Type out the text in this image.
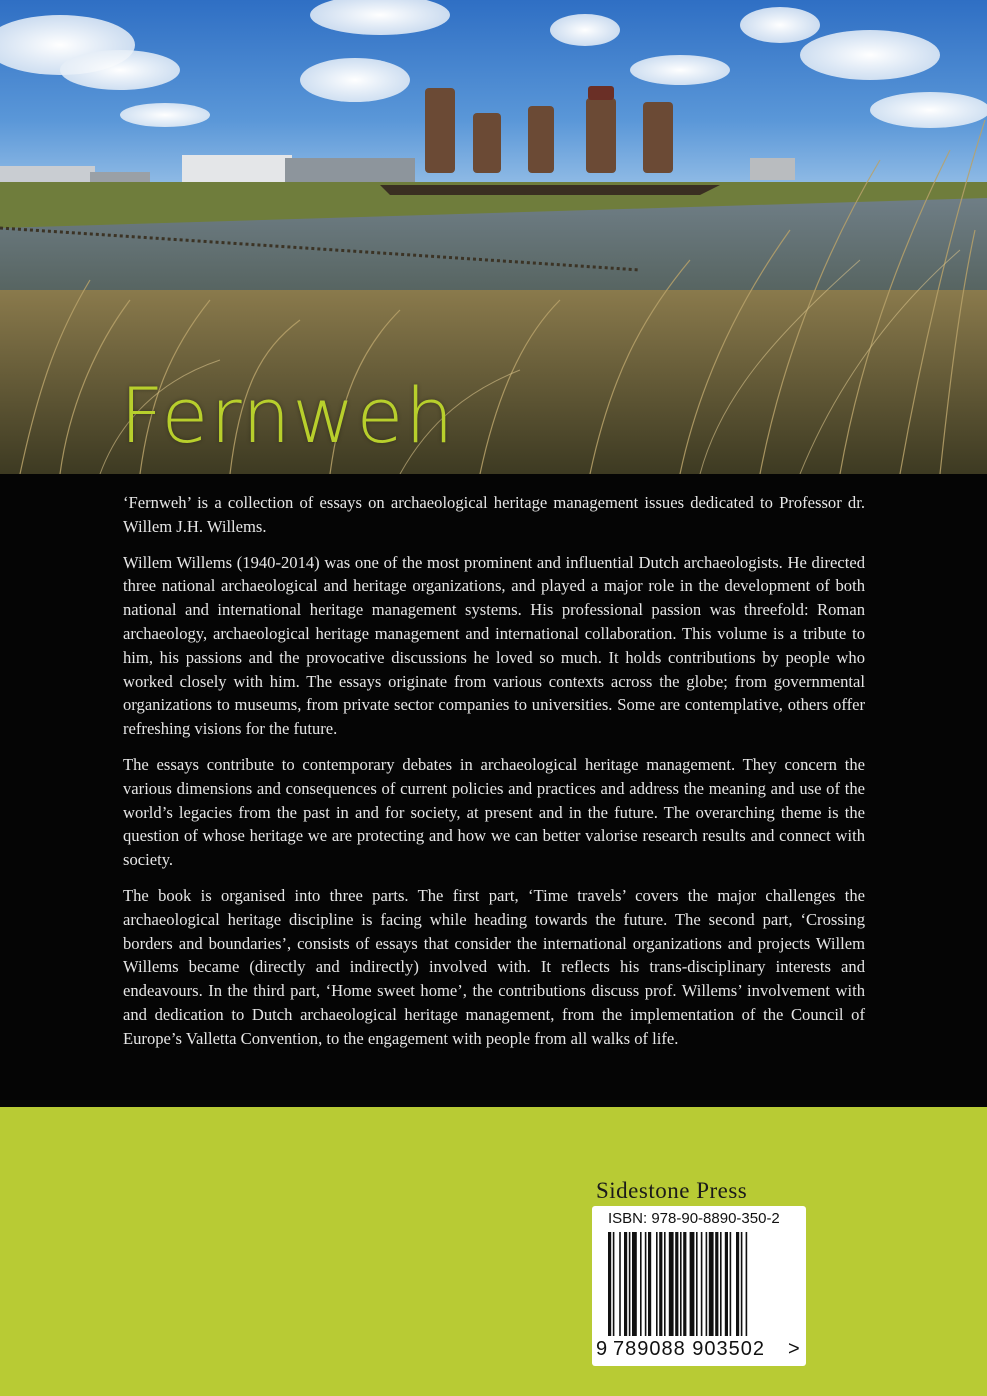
Fernweh

‘Fernweh’ is a collection of essays on archaeological heritage management issues dedicated to Professor dr. Willem J.H. Willems.

Willem Willems (1940-2014) was one of the most prominent and influential Dutch archaeologists. He directed three national archaeological and heritage organizations, and played a major role in the development of both national and international heritage management systems. His professional passion was threefold: Roman archaeology, archaeological heritage management and international collaboration. This volume is a tribute to him, his passions and the provocative discussions he loved so much. It holds contributions by people who worked closely with him. The essays originate from various contexts across the globe; from governmental organizations to museums, from private sector companies to universities. Some are contemplative, others offer refreshing visions for the future.

The essays contribute to contemporary debates in archaeological heritage management. They concern the various dimensions and consequences of current policies and practices and address the meaning and use of the world’s legacies from the past in and for society, at present and in the future. The overarching theme is the question of whose heritage we are protecting and how we can better valorise research results and connect with society.

The book is organised into three parts. The first part, ‘Time travels’ covers the major challenges the archaeological heritage discipline is facing while heading towards the future. The second part, ‘Crossing borders and boundaries’, consists of essays that consider the international organizations and projects Willem Willems became (directly and indirectly) involved with. It reflects his trans-disciplinary interests and endeavours. In the third part, ‘Home sweet home’, the contributions discuss prof. Willems’ involvement with and dedication to Dutch archaeological heritage management, from the implementation of the Council of Europe’s Valletta Convention, to the engagement with people from all walks of life.

Sidestone Press
ISBN: 978-90-8890-350-2
9 789088 903502 >
